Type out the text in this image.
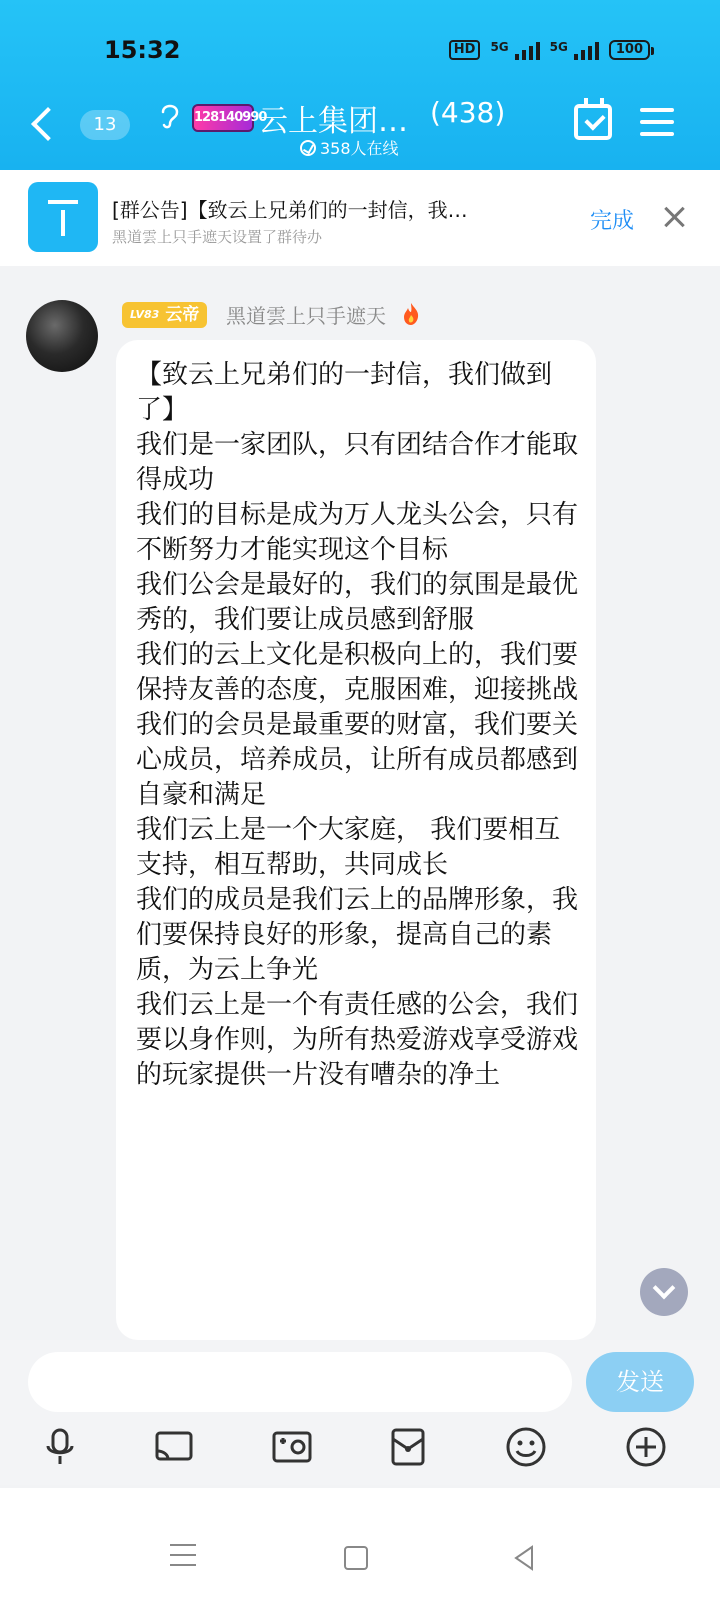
15:32	HD	5G	5G	100
13	128140990
云上集团… (438)
358人在线
[群公告]【致云上兄弟们的一封信，我…
黑道雲上只手遮天设置了群待办
完成
LV83 云帝 黑道雲上只手遮天

【致云上兄弟们的一封信，我们做到了】

我们是一家团队，只有团结合作才能取得成功

我们的目标是成为万人龙头公会，只有不断努力才能实现这个目标

我们公会是最好的，我们的氛围是最优秀的，我们要让成员感到舒服

我们的云上文化是积极向上的，我们要保持友善的态度，克服困难，迎接挑战

我们的会员是最重要的财富，我们要关心成员，培养成员，让所有成员都感到自豪和满足

我们云上是一个大家庭， 我们要相互支持，相互帮助，共同成长

我们的成员是我们云上的品牌形象，我们要保持良好的形象，提高自己的素质，为云上争光

我们云上是一个有责任感的公会，我们要以身作则，为所有热爱游戏享受游戏的玩家提供一片没有嘈杂的净土

发送
